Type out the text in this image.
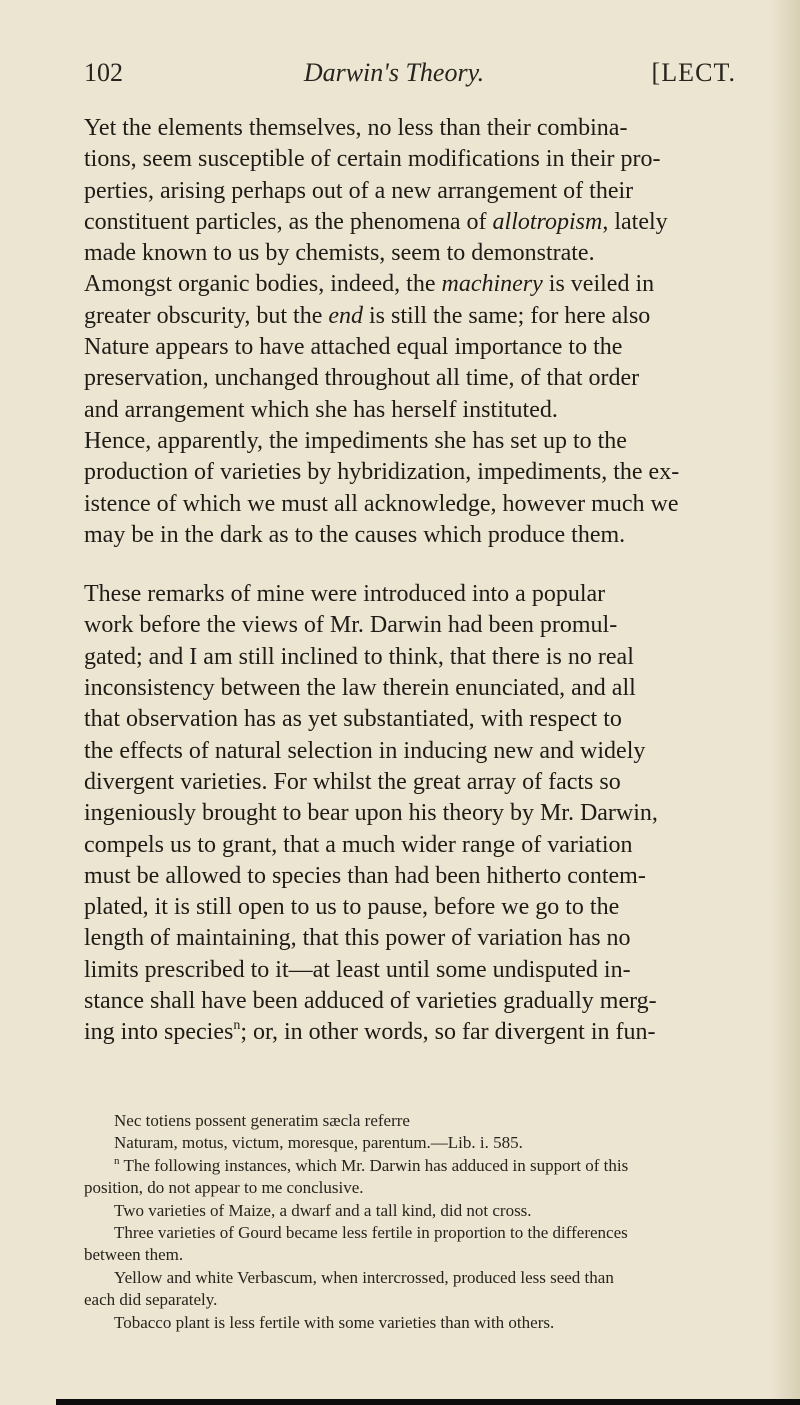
102	Darwin's Theory.	[LECT.
Yet the elements themselves, no less than their combina-
tions, seem susceptible of certain modifications in their pro-
perties, arising perhaps out of a new arrangement of their
constituent particles, as the phenomena of allotropism, lately
made known to us by chemists, seem to demonstrate.
Amongst organic bodies, indeed, the machinery is veiled in
greater obscurity, but the end is still the same; for here also
Nature appears to have attached equal importance to the
preservation, unchanged throughout all time, of that order
and arrangement which she has herself instituted.
Hence, apparently, the impediments she has set up to the
production of varieties by hybridization, impediments, the ex-
istence of which we must all acknowledge, however much we
may be in the dark as to the causes which produce them.
These remarks of mine were introduced into a popular
work before the views of Mr. Darwin had been promul-
gated; and I am still inclined to think, that there is no real
inconsistency between the law therein enunciated, and all
that observation has as yet substantiated, with respect to
the effects of natural selection in inducing new and widely
divergent varieties. For whilst the great array of facts so
ingeniously brought to bear upon his theory by Mr. Darwin,
compels us to grant, that a much wider range of variation
must be allowed to species than had been hitherto contem-
plated, it is still open to us to pause, before we go to the
length of maintaining, that this power of variation has no
limits prescribed to it—at least until some undisputed in-
stance shall have been adduced of varieties gradually merg-
ing into species$^n$; or, in other words, so far divergent in fun-
Nec totiens possent generatim sæcla referre
Naturam, motus, victum, moresque, parentum.—Lib. i. 585.
$^n$ The following instances, which Mr. Darwin has adduced in support of this
position, do not appear to me conclusive.
Two varieties of Maize, a dwarf and a tall kind, did not cross.
Three varieties of Gourd became less fertile in proportion to the differences
between them.
Yellow and white Verbascum, when intercrossed, produced less seed than
each did separately.
Tobacco plant is less fertile with some varieties than with others.
